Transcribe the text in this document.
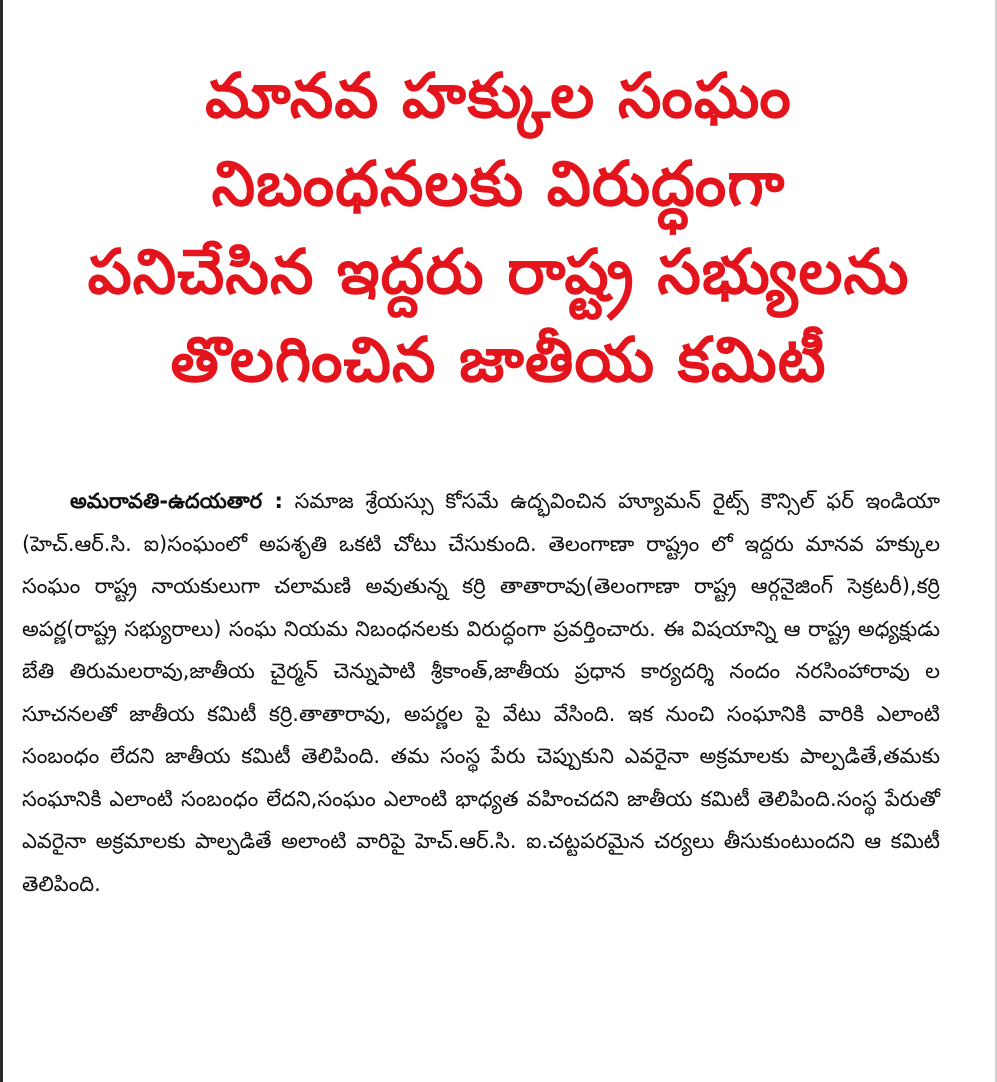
మానవ హక్కుల సంఘం
నిబంధనలకు విరుద్ధంగా
పనిచేసిన ఇద్దరు రాష్ట్ర సభ్యులను
తొలగించిన జాతీయ కమిటీ
అమరావతి-ఉదయతార : సమాజ శ్రేయస్సు కోసమే ఉద్భవించిన హ్యూమన్ రైట్స్ కౌన్సిల్ ఫర్ ఇండియా (హెచ్.ఆర్.సి. ఐ)సంఘంలో అపశృతి ఒకటి చోటు చేసుకుంది. తెలంగాణా రాష్ట్రం లో ఇద్దరు మానవ హక్కుల సంఘం రాష్ట్ర నాయకులుగా చలామణి అవుతున్న కర్రి తాతారావు(తెలంగాణా రాష్ట్ర ఆర్గనైజింగ్ సెక్రటరీ),కర్రి అపర్ణ(రాష్ట్ర సభ్యురాలు) సంఘ నియమ నిబంధనలకు విరుద్ధంగా ప్రవర్తించారు. ఈ విషయాన్ని ఆ రాష్ట్ర అధ్యక్షుడు బేతి తిరుమలరావు,జాతీయ చైర్మన్ చెన్నుపాటి శ్రీకాంత్,జాతీయ ప్రధాన కార్యదర్శి నందం నరసింహారావు ల సూచనలతో జాతీయ కమిటీ కర్రి.తాతారావు, అపర్ణల పై వేటు వేసింది. ఇక నుంచి సంఘానికి వారికి ఎలాంటి సంబంధం లేదని జాతీయ కమిటీ తెలిపింది. తమ సంస్థ పేరు చెప్పుకుని ఎవరైనా అక్రమాలకు పాల్పడితే,తమకు సంఘానికి ఎలాంటి సంబంధం లేదని,సంఘం ఎలాంటి భాధ్యత వహించదని జాతీయ కమిటీ తెలిపింది.సంస్థ పేరుతో ఎవరైనా అక్రమాలకు పాల్పడితే అలాంటి వారిపై హెచ్.ఆర్.సి. ఐ.చట్టపరమైన చర్యలు తీసుకుంటుందని ఆ కమిటీ తెలిపింది.
